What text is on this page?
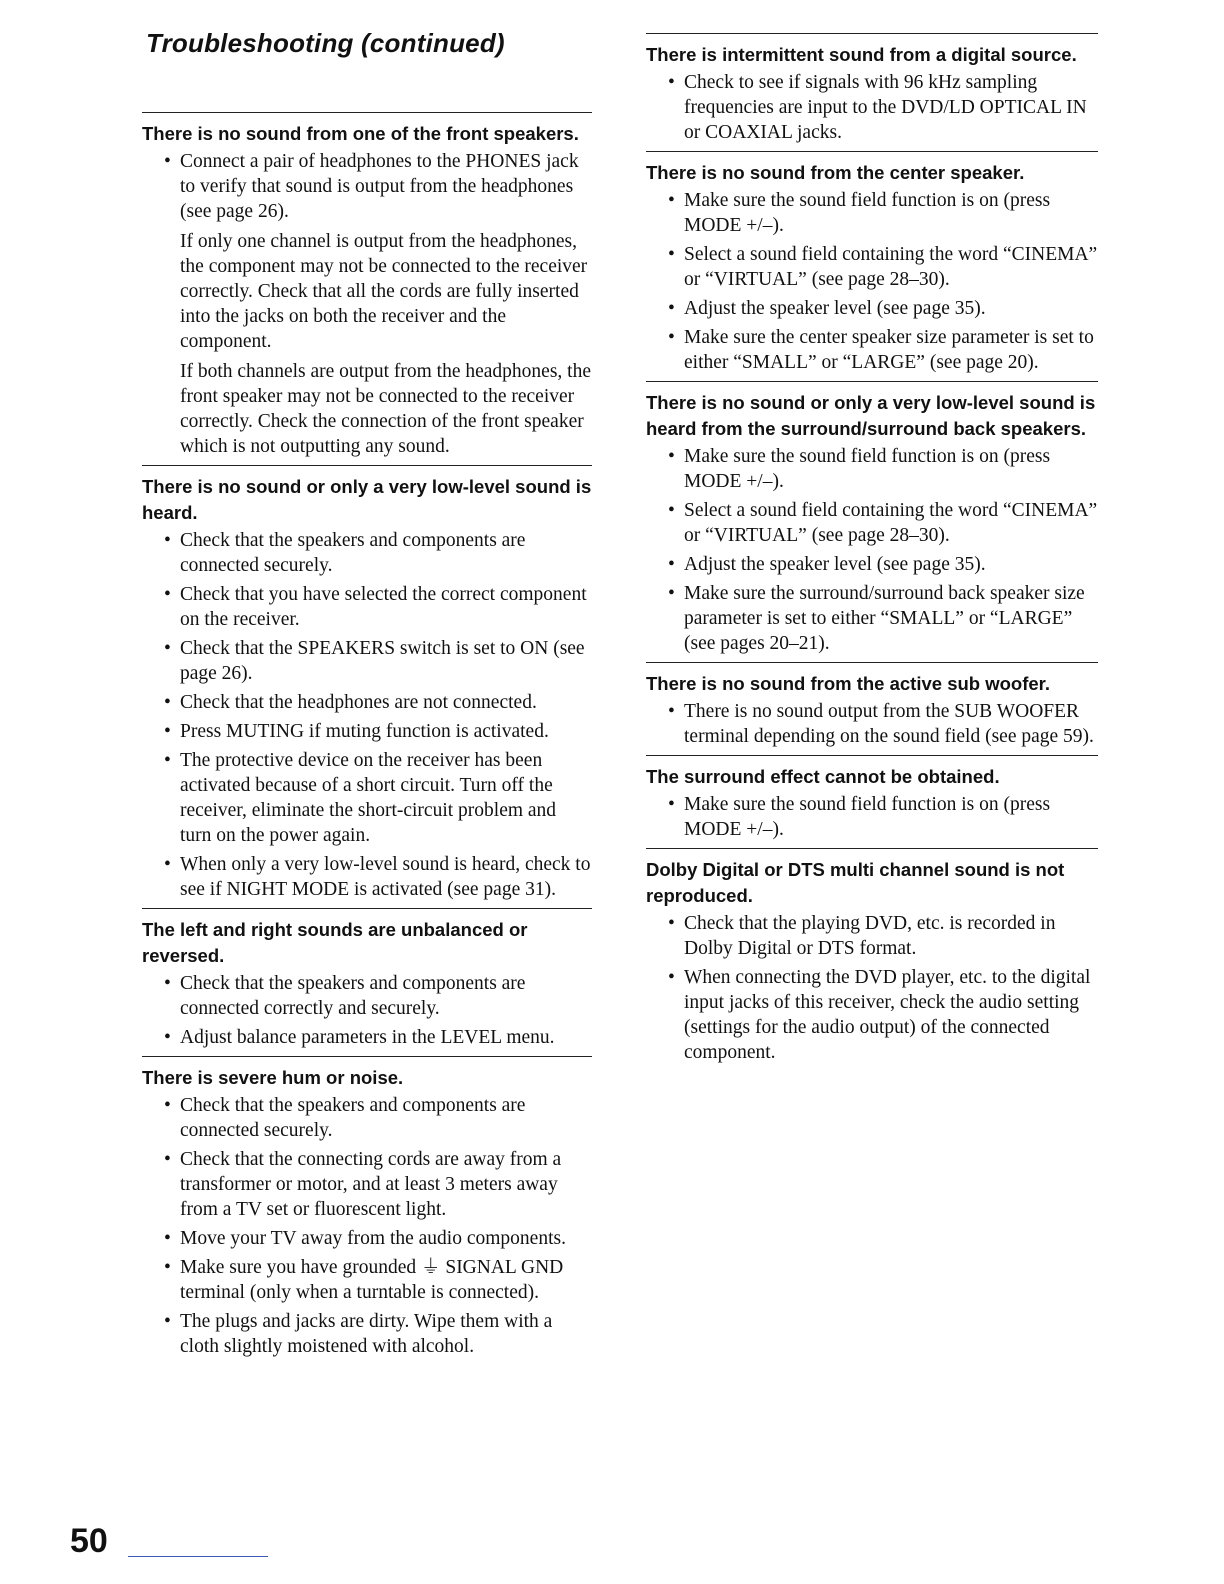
Troubleshooting (continued)
There is no sound from one of the front speakers.
• Connect a pair of headphones to the PHONES jack to verify that sound is output from the headphones (see page 26).

If only one channel is output from the headphones, the component may not be connected to the receiver correctly. Check that all the cords are fully inserted into the jacks on both the receiver and the component.

If both channels are output from the headphones, the front speaker may not be connected to the receiver correctly. Check the connection of the front speaker which is not outputting any sound.

There is no sound or only a very low-level sound is heard.
• Check that the speakers and components are connected securely.

• Check that you have selected the correct component on the receiver.

• Check that the SPEAKERS switch is set to ON (see page 26).

• Check that the headphones are not connected.

• Press MUTING if muting function is activated.

• The protective device on the receiver has been activated because of a short circuit. Turn off the receiver, eliminate the short-circuit problem and turn on the power again.

• When only a very low-level sound is heard, check to see if NIGHT MODE is activated (see page 31).

The left and right sounds are unbalanced or reversed.
• Check that the speakers and components are connected correctly and securely.

• Adjust balance parameters in the LEVEL menu.

There is severe hum or noise.
• Check that the speakers and components are connected securely.

• Check that the connecting cords are away from a transformer or motor, and at least 3 meters away from a TV set or fluorescent light.

• Move your TV away from the audio components.

• Make sure you have grounded ⏚ SIGNAL GND terminal (only when a turntable is connected).

• The plugs and jacks are dirty. Wipe them with a cloth slightly moistened with alcohol.

There is intermittent sound from a digital source.
• Check to see if signals with 96 kHz sampling frequencies are input to the DVD/LD OPTICAL IN or COAXIAL jacks.

There is no sound from the center speaker.
• Make sure the sound field function is on (press MODE +/–).

• Select a sound field containing the word “CINEMA” or “VIRTUAL” (see page 28–30).

• Adjust the speaker level (see page 35).

• Make sure the center speaker size parameter is set to either “SMALL” or “LARGE” (see page 20).

There is no sound or only a very low-level sound is heard from the surround/surround back speakers.
• Make sure the sound field function is on (press MODE +/–).

• Select a sound field containing the word “CINEMA” or “VIRTUAL” (see page 28–30).

• Adjust the speaker level (see page 35).

• Make sure the surround/surround back speaker size parameter is set to either “SMALL” or “LARGE” (see pages 20–21).

There is no sound from the active sub woofer.
• There is no sound output from the SUB WOOFER terminal depending on the sound field (see page 59).

The surround effect cannot be obtained.
• Make sure the sound field function is on (press MODE +/–).

Dolby Digital or DTS multi channel sound is not reproduced.
• Check that the playing DVD, etc. is recorded in Dolby Digital or DTS format.

• When connecting the DVD player, etc. to the digital input jacks of this receiver, check the audio setting (settings for the audio output) of the connected component.

50
